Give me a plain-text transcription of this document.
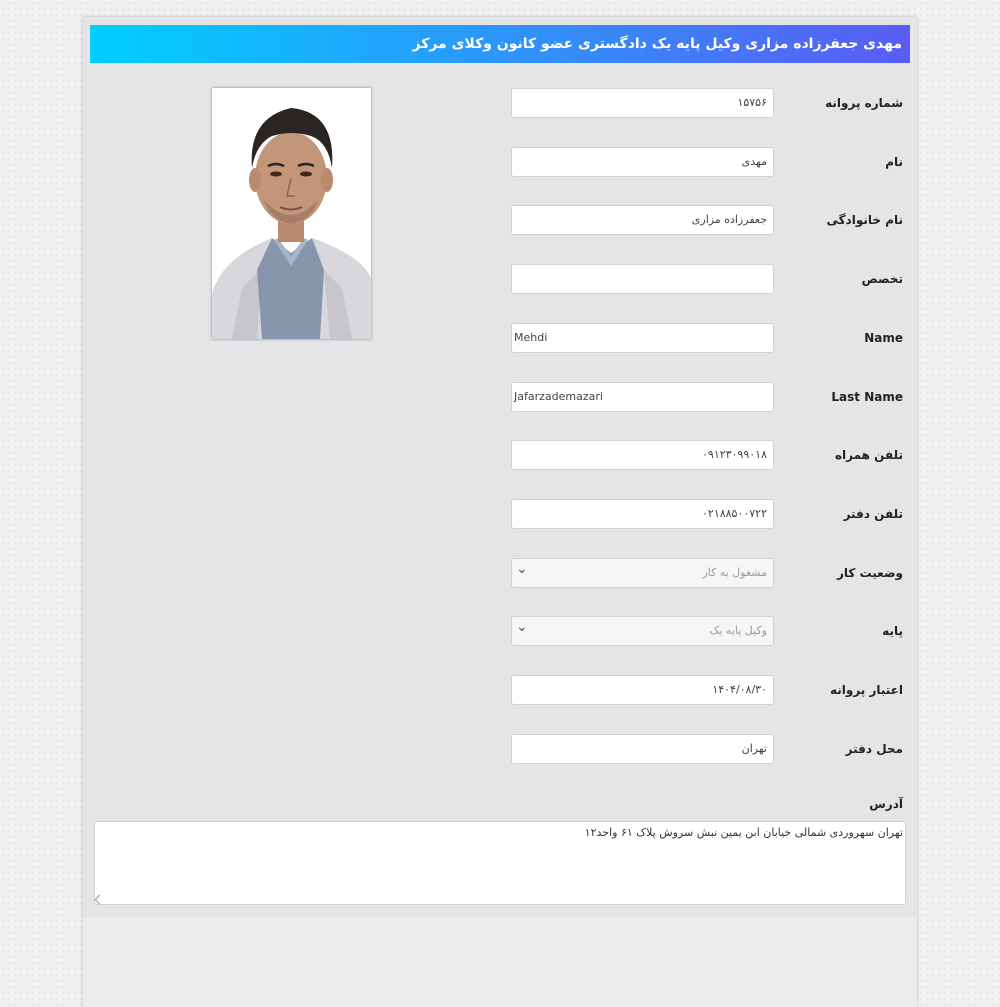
مهدی جعفرزاده مزاری وکیل پایه یک دادگستری عضو کانون وکلای مرکز
شماره پروانه
۱۵۷۵۶
نام
مهدی
نام خانوادگی
جعفرزاده مزاری
تخصص
Name
Mehdi
Last Name
Jafarzademazari
تلفن همراه
۰۹۱۲۳۰۹۹۰۱۸
تلفن دفتر
۰۲۱۸۸۵۰۰۷۲۲
وضعیت کار
مشغول به کار
⌄
پایه
وکیل پایه یک
⌄
اعتبار پروانه
۱۴۰۴/۰۸/۳۰
محل دفتر
تهران
آدرس
تهران سهروردی شمالی خیابان ابن یمین نبش سروش پلاک ۶۱ واحد۱۲
